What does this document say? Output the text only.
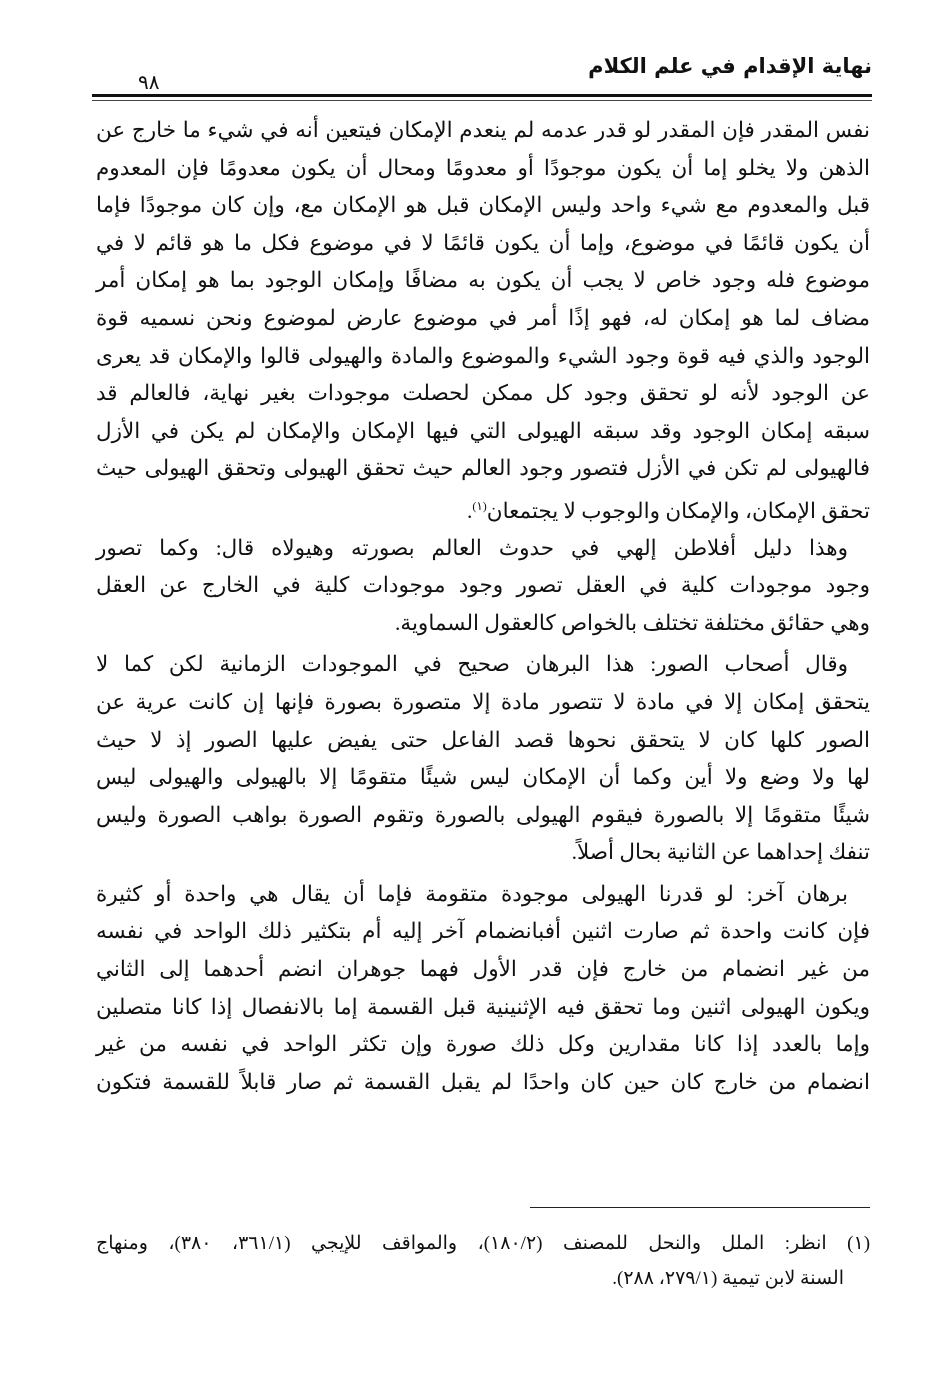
نهاية الإقدام في علم الكلام
٩٨
نفس المقدر فإن المقدر لو قدر عدمه لم ينعدم الإمكان فيتعين أنه في شيء ما خارج عن
الذهن ولا يخلو إما أن يكون موجودًا أو معدومًا ومحال أن يكون معدومًا فإن المعدوم
قبل والمعدوم مع شيء واحد وليس الإمكان قبل هو الإمكان مع، وإن كان موجودًا فإما
أن يكون قائمًا في موضوع، وإما أن يكون قائمًا لا في موضوع فكل ما هو قائم لا في
موضوع فله وجود خاص لا يجب أن يكون به مضافًا وإمكان الوجود بما هو إمكان أمر
مضاف لما هو إمكان له، فهو إذًا أمر في موضوع عارض لموضوع ونحن نسميه قوة
الوجود والذي فيه قوة وجود الشيء والموضوع والمادة والهيولى قالوا والإمكان قد يعرى
عن الوجود لأنه لو تحقق وجود كل ممكن لحصلت موجودات بغير نهاية، فالعالم قد
سبقه إمكان الوجود وقد سبقه الهيولى التي فيها الإمكان والإمكان لم يكن في الأزل
فالهيولى لم تكن في الأزل فتصور وجود العالم حيث تحقق الهيولى وتحقق الهيولى حيث
تحقق الإمكان، والإمكان والوجوب لا يجتمعان$^{(١)}$.
وهذا دليل أفلاطن إلهي في حدوث العالم بصورته وهيولاه قال: وكما تصور
وجود موجودات كلية في العقل تصور وجود موجودات كلية في الخارج عن العقل
وهي حقائق مختلفة تختلف بالخواص كالعقول السماوية.
وقال أصحاب الصور: هذا البرهان صحيح في الموجودات الزمانية لكن كما لا
يتحقق إمكان إلا في مادة لا تتصور مادة إلا متصورة بصورة فإنها إن كانت عرية عن
الصور كلها كان لا يتحقق نحوها قصد الفاعل حتى يفيض عليها الصور إذ لا حيث
لها ولا وضع ولا أين وكما أن الإمكان ليس شيئًا متقومًا إلا بالهيولى والهيولى ليس
شيئًا متقومًا إلا بالصورة فيقوم الهيولى بالصورة وتقوم الصورة بواهب الصورة وليس
تنفك إحداهما عن الثانية بحال أصلاً.
برهان آخر: لو قدرنا الهيولى موجودة متقومة فإما أن يقال هي واحدة أو كثيرة
فإن كانت واحدة ثم صارت اثنين أفبانضمام آخر إليه أم بتكثير ذلك الواحد في نفسه
من غير انضمام من خارج فإن قدر الأول فهما جوهران انضم أحدهما إلى الثاني
ويكون الهيولى اثنين وما تحقق فيه الإثنينية قبل القسمة إما بالانفصال إذا كانا متصلين
وإما بالعدد إذا كانا مقدارين وكل ذلك صورة وإن تكثر الواحد في نفسه من غير
انضمام من خارج كان حين كان واحدًا لم يقبل القسمة ثم صار قابلاً للقسمة فتكون
(١) انظر: الملل والنحل للمصنف (١٨٠/٢)، والمواقف للإيجي (٣٦١/١، ٣٨٠)، ومنهاج
السنة لابن تيمية (٢٧٩/١، ٢٨٨).
